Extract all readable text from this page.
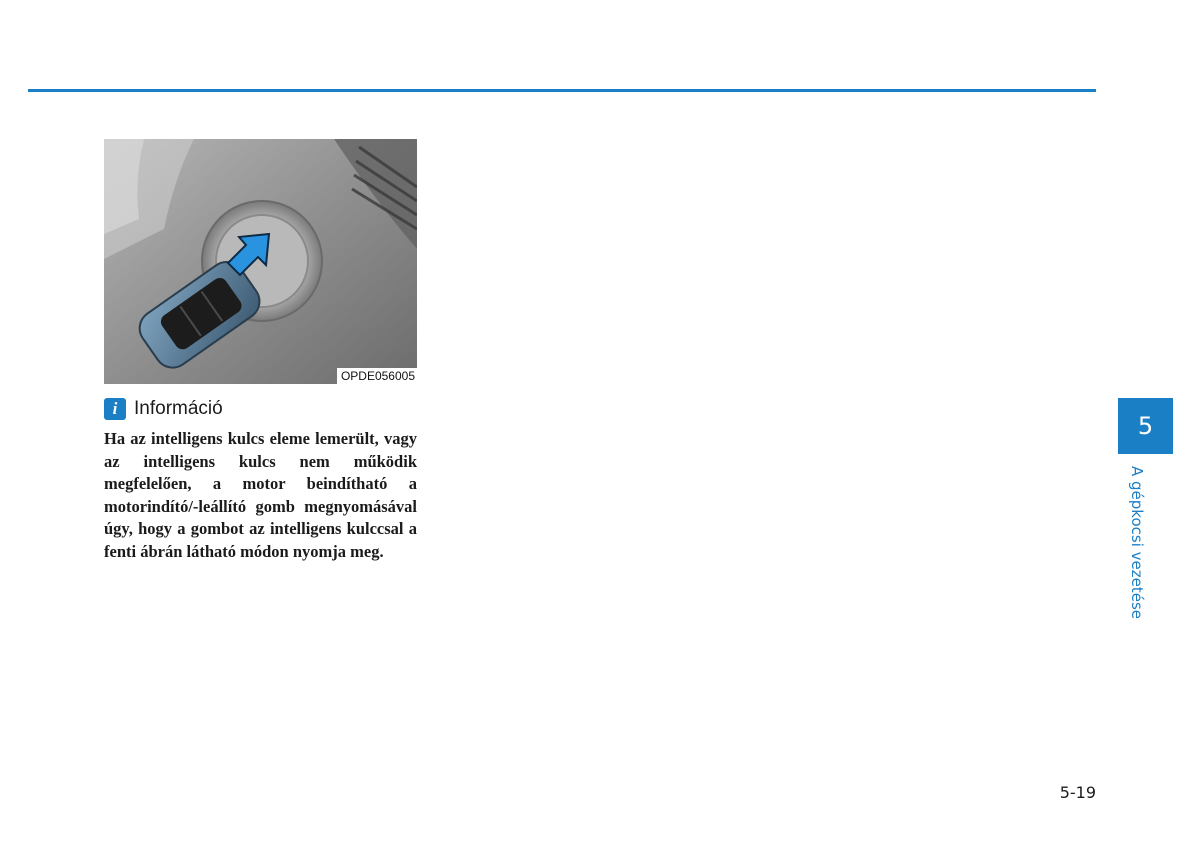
OPDE056005
i Információ

Ha az intelligens kulcs eleme lemerült, vagy az intelligens kulcs nem működik megfelelően, a motor beindítható a motorindító/-leállító gomb megnyomásával úgy, hogy a gombot az intelligens kulccsal a fenti ábrán látható módon nyomja meg.

5
A gépkocsi vezetése
5-19
